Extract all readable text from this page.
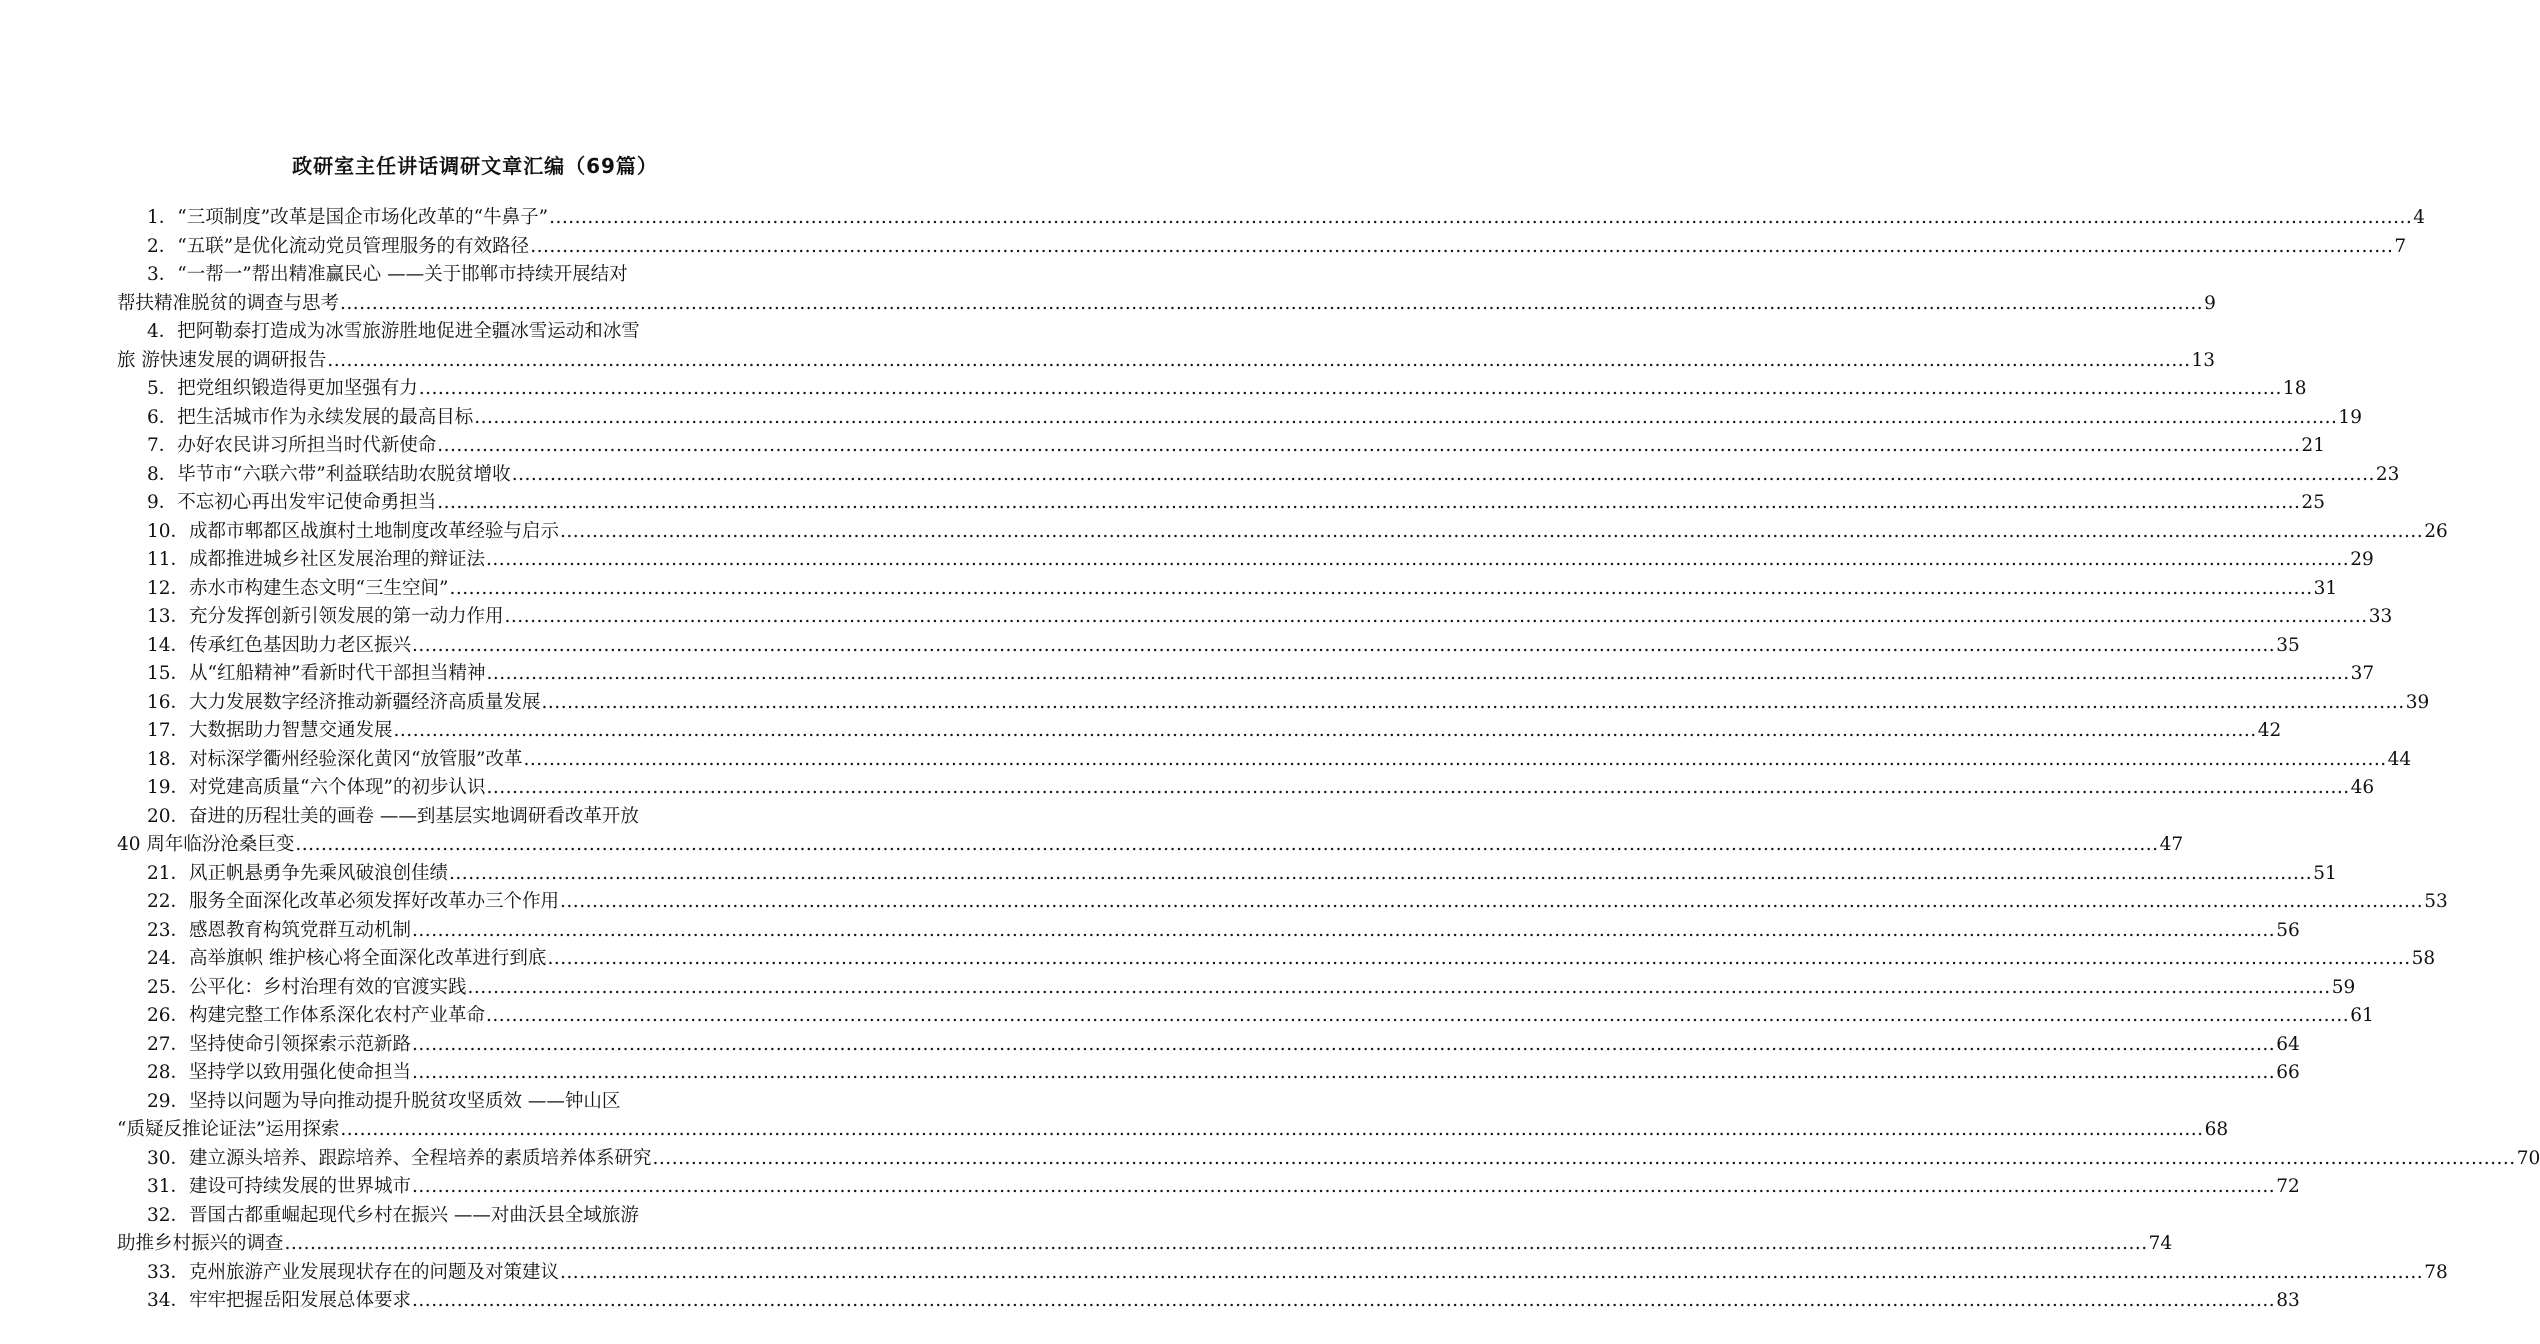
政研室主任讲话调研文章汇编（69篇）
1．“三项制度”改革是国企市场化改革的“牛鼻子” .....	4
2．“五联”是优化流动党员管理服务的有效路径 .....	7
3．“一帮一”帮出精准赢民心 ——关于邯郸市持续开展结对
帮扶精准脱贫的调查与思考 .....	9
4．把阿勒泰打造成为冰雪旅游胜地促进全疆冰雪运动和冰雪
旅 游快速发展的调研报告 .....	13
5．把党组织锻造得更加坚强有力 .....	18
6．把生活城市作为永续发展的最高目标 .....	19
7．办好农民讲习所担当时代新使命 .....	21
8．毕节市“六联六带”利益联结助农脱贫增收 .....	23
9．不忘初心再出发牢记使命勇担当 .....	25
10．成都市郫都区战旗村土地制度改革经验与启示 .....	26
11．成都推进城乡社区发展治理的辩证法 .....	29
12．赤水市构建生态文明“三生空间” .....	31
13．充分发挥创新引领发展的第一动力作用 .....	33
14．传承红色基因助力老区振兴 .....	35
15．从“红船精神”看新时代干部担当精神 .....	37
16．大力发展数字经济推动新疆经济高质量发展 .....	39
17．大数据助力智慧交通发展 .....	42
18．对标深学衢州经验深化黄冈“放管服”改革 .....	44
19．对党建高质量“六个体现”的初步认识 .....	46
20．奋进的历程壮美的画卷 ——到基层实地调研看改革开放
40 周年临汾沧桑巨变 .....	47
21．风正帆悬勇争先乘风破浪创佳绩 .....	51
22．服务全面深化改革必须发挥好改革办三个作用 .....	53
23．感恩教育构筑党群互动机制 .....	56
24．高举旗帜 维护核心将全面深化改革进行到底 .....	58
25．公平化：乡村治理有效的官渡实践 .....	59
26．构建完整工作体系深化农村产业革命 .....	61
27．坚持使命引领探索示范新路 .....	64
28．坚持学以致用强化使命担当 .....	66
29．坚持以问题为导向推动提升脱贫攻坚质效 ——钟山区
“质疑反推论证法”运用探索 .....	68
30．建立源头培养、跟踪培养、全程培养的素质培养体系研究 .....	70
31．建设可持续发展的世界城市 .....	72
32．晋国古都重崛起现代乡村在振兴 ——对曲沃县全域旅游
助推乡村振兴的调查 .....	74
33．克州旅游产业发展现状存在的问题及对策建议 .....	78
34．牢牢把握岳阳发展总体要求 .....	83
